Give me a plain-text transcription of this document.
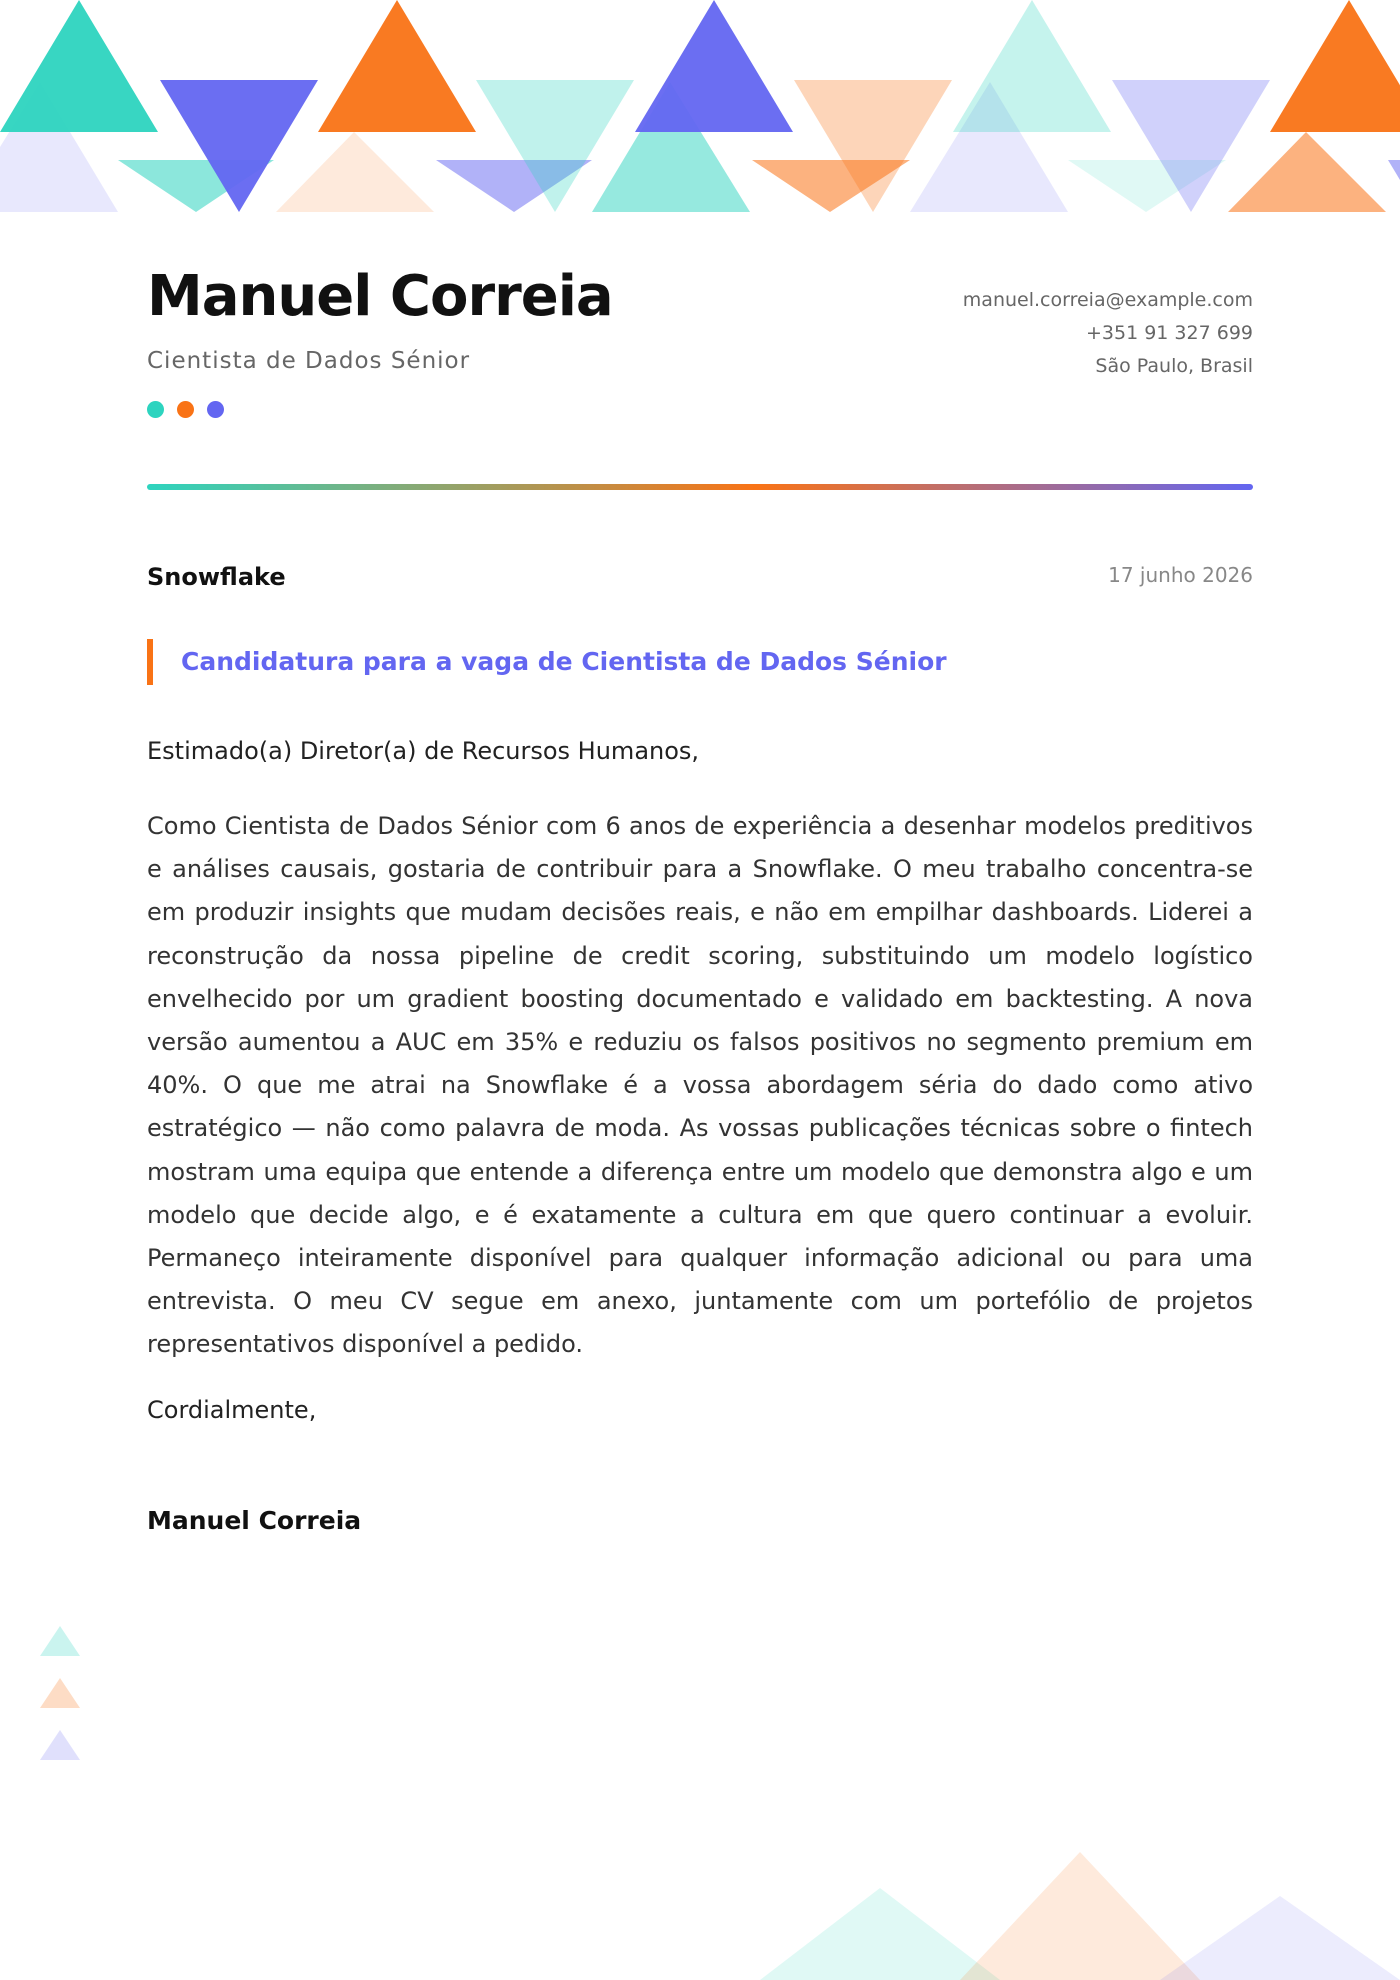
Manuel Correia

Cientista de Dados Sénior

manuel.correia@example.com
+351 91 327 699
São Paulo, Brasil
Snowflake	17 junho 2026
Candidatura para a vaga de Cientista de Dados Sénior

Estimado(a) Diretor(a) de Recursos Humanos,

Como Cientista de Dados Sénior com 6 anos de experiência a desenhar modelos preditivos e análises causais, gostaria de contribuir para a Snowflake. O meu trabalho concentra-se em produzir insights que mudam decisões reais, e não em empilhar dashboards. Liderei a reconstrução da nossa pipeline de credit scoring, substituindo um modelo logístico envelhecido por um gradient boosting documentado e validado em backtesting. A nova versão aumentou a AUC em 35% e reduziu os falsos positivos no segmento premium em 40%. O que me atrai na Snowflake é a vossa abordagem séria do dado como ativo estratégico — não como palavra de moda. As vossas publicações técnicas sobre o fintech mostram uma equipa que entende a diferença entre um modelo que demonstra algo e um modelo que decide algo, e é exatamente a cultura em que quero continuar a evoluir. Permaneço inteiramente disponível para qualquer informação adicional ou para uma entrevista. O meu CV segue em anexo, juntamente com um portefólio de projetos representativos disponível a pedido.

Cordialmente,

Manuel Correia
